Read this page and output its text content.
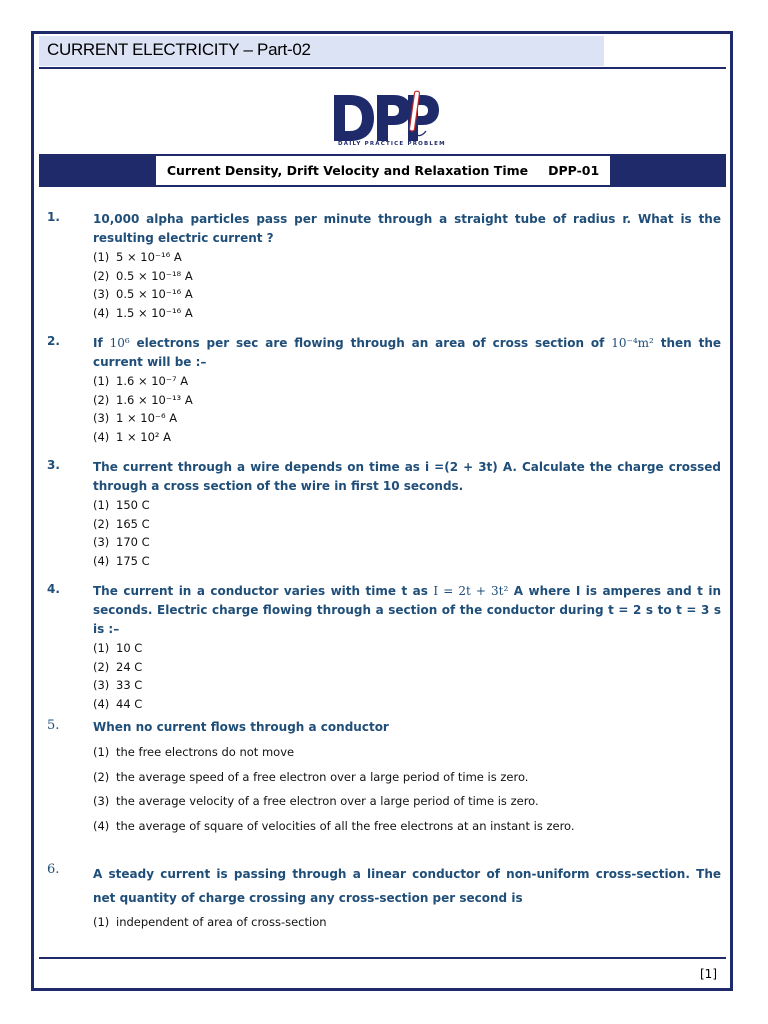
CURRENT ELECTRICITY – Part-02
DAILY PRACTICE PROBLEM
Current Density, Drift Velocity and Relaxation Time DPP-01
1.	10,000 alpha particles pass per minute through a straight tube of radius r. What is the resulting electric current ?
(1) 5 × 10⁻¹⁶ A
(2) 0.5 × 10⁻¹⁸ A
(3) 0.5 × 10⁻¹⁶ A
(4) 1.5 × 10⁻¹⁶ A
2.	If 10⁶ electrons per sec are flowing through an area of cross section of 10⁻⁴m² then the current will be :–
(1) 1.6 × 10⁻⁷ A
(2) 1.6 × 10⁻¹³ A
(3) 1 × 10⁻⁶ A
(4) 1 × 10² A
3.	The current through a wire depends on time as i =(2 + 3t) A. Calculate the charge crossed through a cross section of the wire in first 10 seconds.
(1) 150 C
(2) 165 C
(3) 170 C
(4) 175 C
4.	The current in a conductor varies with time t as I = 2t + 3t² A where I is amperes and t in seconds. Electric charge flowing through a section of the conductor during t = 2 s to t = 3 s is :–
(1) 10 C
(2) 24 C
(3) 33 C
(4) 44 C
5.	When no current flows through a conductor
(1) the free electrons do not move
(2) the average speed of a free electron over a large period of time is zero.
(3) the average velocity of a free electron over a large period of time is zero.
(4) the average of square of velocities of all the free electrons at an instant is zero.
6.	A steady current is passing through a linear conductor of non-uniform cross-section. The net quantity of charge crossing any cross-section per second is
(1) independent of area of cross-section
[1]
